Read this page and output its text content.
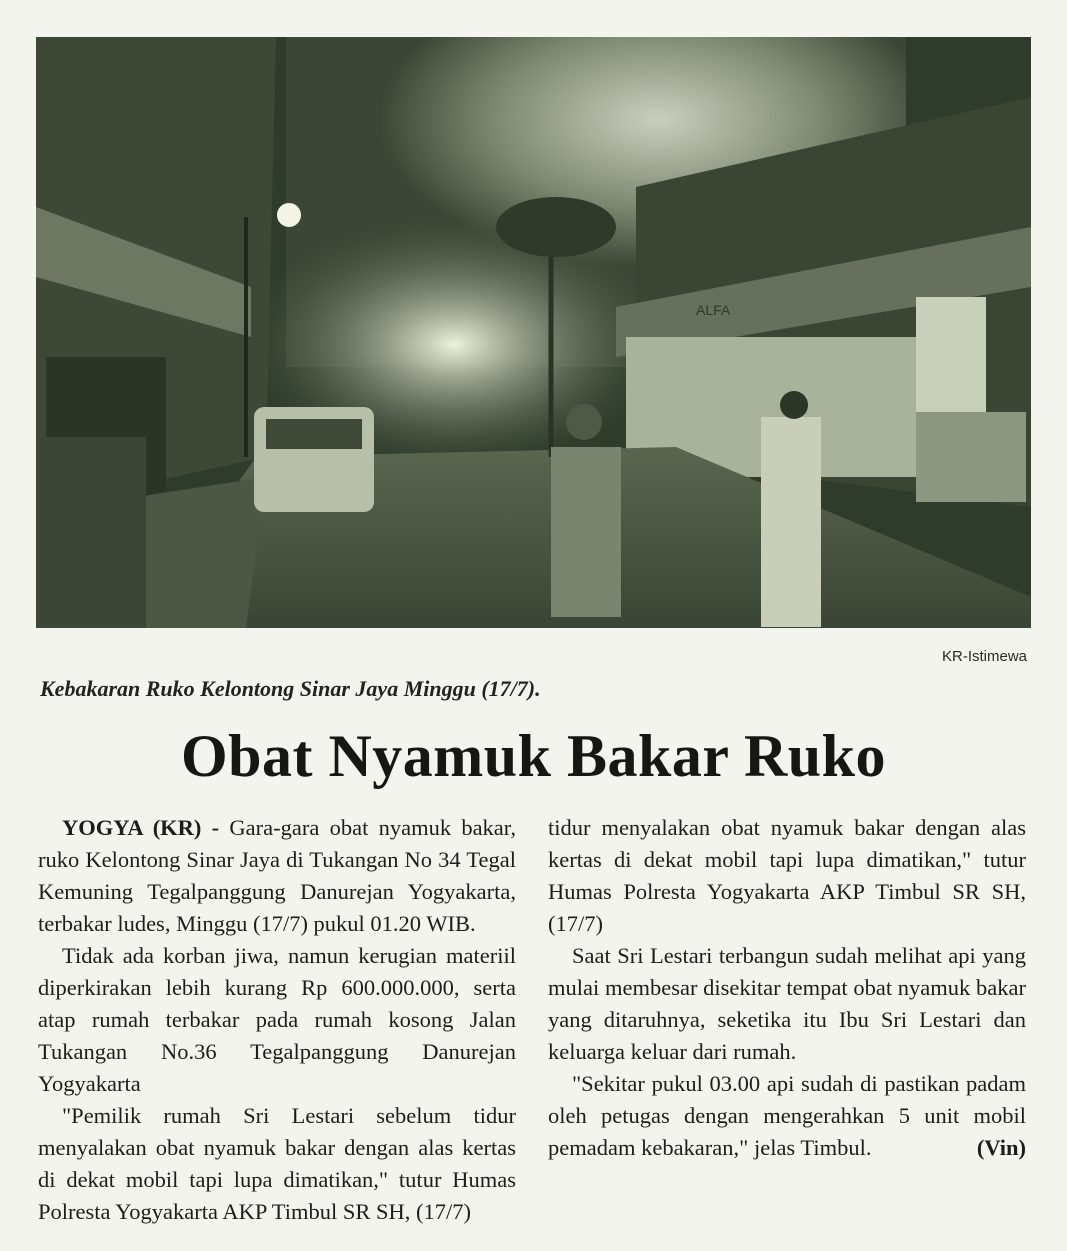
ALFA
KR-Istimewa
Kebakaran Ruko Kelontong Sinar Jaya Minggu (17/7).
Obat Nyamuk Bakar Ruko

YOGYA (KR) - Gara-gara obat nyamuk bakar, ruko Kelontong Sinar Jaya di Tukangan No 34 Tegal Kemuning Tegalpanggung Danurejan Yogyakarta, terbakar ludes, Minggu (17/7) pukul 01.20 WIB.

Tidak ada korban jiwa, namun kerugian materiil diperkirakan lebih kurang Rp 600.000.000, serta atap rumah terbakar pada rumah kosong Jalan Tukangan No.36 Tegalpanggung Danurejan Yogyakarta

"Pemilik rumah Sri Lestari sebelum tidur menyalakan obat nyamuk bakar dengan alas kertas di dekat mobil tapi lupa dimatikan," tutur Humas Polresta Yogyakarta AKP Timbul SR SH, (17/7)

tidur menyalakan obat nyamuk bakar dengan alas kertas di dekat mobil tapi lupa dimatikan," tutur Humas Polresta Yogyakarta AKP Timbul SR SH, (17/7)

Saat Sri Lestari terbangun sudah melihat api yang mulai membesar disekitar tempat obat nyamuk bakar yang ditaruhnya, seketika itu Ibu Sri Lestari dan keluarga keluar dari rumah.

"Sekitar pukul 03.00 api sudah di pastikan padam oleh petugas dengan mengerahkan 5 unit mobil pemadam kebakaran," jelas Timbul.	(Vin)
